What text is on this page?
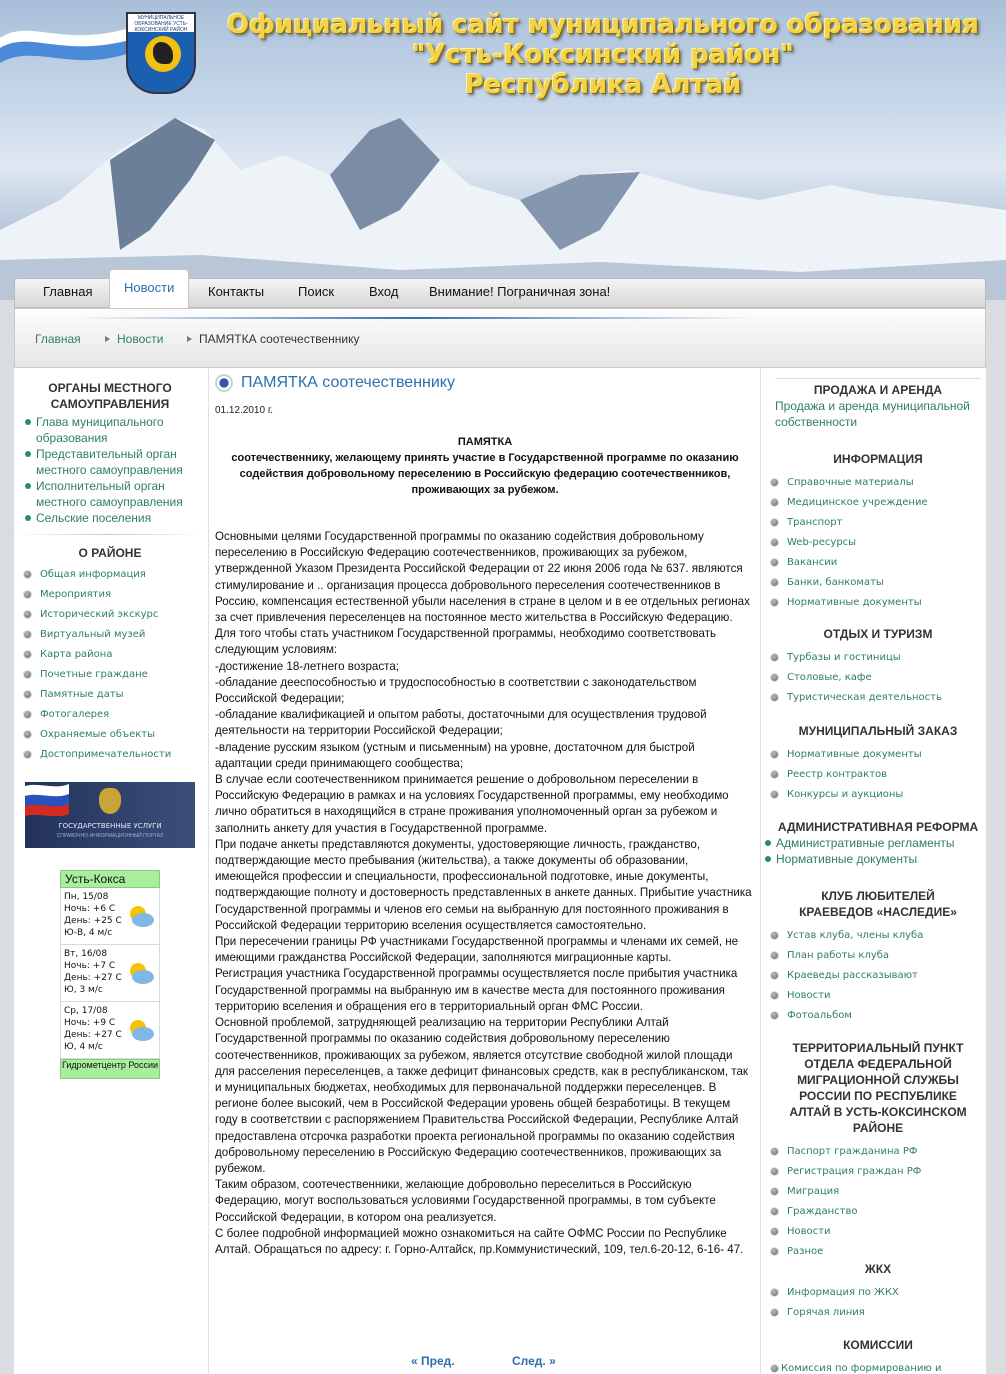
МУНИЦИПАЛЬНОЕ ОБРАЗОВАНИЕ УСТЬ-КОКСИНСКИЙ РАЙОН	Официальный сайт муниципального образования
"Усть-Коксинский район"
Республика Алтай
Главная	Новости	Контакты	Поиск	Вход Внимание! Пограничная зона!
Главная	Новости	ПАМЯТКА соотечественнику
ОРГАНЫ МЕСТНОГО САМОУПРАВЛЕНИЯ
Глава муниципального образования
Представительный орган местного самоуправления
Исполнительный орган местного самоуправления
Сельские поселения
О РАЙОНЕ
Общая информация
Мероприятия
Исторический экскурс
Виртуальный музей
Карта района
Почетные граждане
Памятные даты
Фотогалерея
Охраняемые объекты
Достопримечательности
ГОСУДАРСТВЕННЫЕ УСЛУГИ
СПРАВОЧНО-ИНФОРМАЦИОННЫЙ ПОРТАЛ
Усть-Кокса
Пн, 15/08
Ночь: +6 С
День: +25 С
Ю-В, 4 м/с
Вт, 16/08
Ночь: +7 С
День: +27 С
Ю, 3 м/с
Ср, 17/08
Ночь: +9 С
День: +27 С
Ю, 4 м/с
Гидрометцентр России
ПАМЯТКА соотечественнику
01.12.2010 г.
ПАМЯТКА
соотечественнику, желающему принять участие в Государственной программе по оказанию содействия добровольному переселению в Российскую федерацию соотечественников, проживающих за рубежом.
Основными целями Государственной программы по оказанию содействия добровольному переселению в Российскую Федерацию соотечественников, проживающих за рубежом, утвержденной Указом Президента Российской Федерации от 22 июня 2006 года № 637. являются стимулирование и .. организация процесса добровольного переселения соотечественников в Россию, компенсация естественной убыли населения в стране в целом и в ее отдельных регионах за счет привлечения переселенцев на постоянное место жительства в Российскую Федерацию.
Для того чтобы стать участником Государственной программы, необходимо соответствовать следующим условиям:
-достижение 18-летнего возраста;
-обладание дееспособностью и трудоспособностью в соответствии с законодательством Российской Федерации;
-обладание квалификацией и опытом работы, достаточными для осуществления трудовой деятельности на территории Российской Федерации;
-владение русским языком (устным и письменным) на уровне, достаточном для быстрой адаптации среди принимающего сообщества;
В случае если соотечественником принимается решение о добровольном переселении в Российскую Федерацию в рамках и на условиях Государственной программы, ему необходимо лично обратиться в находящийся в стране проживания уполномоченный орган за рубежом и заполнить анкету для участия в Государственной программе.
При подаче анкеты представляются документы, удостоверяющие личность, гражданство, подтверждающие место пребывания (жительства), а также документы об образовании, имеющейся профессии и специальности, профессиональной подготовке, иные документы, подтверждающие полноту и достоверность представленных в анкете данных. Прибытие участника Государственной программы и членов его семьи на выбранную для постоянного проживания в Российской Федерации территорию вселения осуществляется самостоятельно.
При пересечении границы РФ участниками Государственной программы и членами их семей, не имеющими гражданства Российской Федерации, заполняются миграционные карты.
Регистрация участника Государственной программы осуществляется после прибытия участника Государственной программы на выбранную им в качестве места для постоянного проживания территорию вселения и обращения его в территориальный орган ФМС России.
Основной проблемой, затрудняющей реализацию на территории Республики Алтай Государственной программы по оказанию содействия добровольному переселению соотечественников, проживающих за рубежом, является отсутствие свободной жилой площади для расселения переселенцев, а также дефицит финансовых средств, как в республиканском, так и муниципальных бюджетах, необходимых для первоначальной поддержки переселенцев. В регионе более высокий, чем в Российской Федерации уровень общей безработицы. В текущем году в соответствии с распоряжением Правительства Российской Федерации, Республике Алтай предоставлена отсрочка разработки проекта региональной программы по оказанию содействия добровольному переселению в Российскую Федерацию соотечественников, проживающих за рубежом.
Таким образом, соотечественники, желающие добровольно переселиться в Российскую Федерацию, могут воспользоваться условиями Государственной программы, в том субъекте Российской Федерации, в котором она реализуется.
С более подробной информацией можно ознакомиться на сайте ОФМС России по Республике Алтай. Обращаться по адресу: г. Горно-Алтайск, пр.Коммунистический, 109, тел.6-20-12, 6-16- 47.
« Пред.	След. »
ПРОДАЖА И АРЕНДА
Продажа и аренда муниципальной собственности
ИНФОРМАЦИЯ
Справочные материалы
Медицинское учреждение
Транспорт
Web-ресурсы
Вакансии
Банки, банкоматы
Нормативные документы
ОТДЫХ И ТУРИЗМ
Турбазы и гостиницы
Столовые, кафе
Туристическая деятельность
МУНИЦИПАЛЬНЫЙ ЗАКАЗ
Нормативные документы
Реестр контрактов
Конкурсы и аукционы
АДМИНИСТРАТИВНАЯ РЕФОРМА
Административные регламенты
Нормативные документы
КЛУБ ЛЮБИТЕЛЕЙ КРАЕВЕДОВ «НАСЛЕДИЕ»
Устав клуба, члены клуба
План работы клуба
Краеведы рассказывают
Новости
Фотоальбом
ТЕРРИТОРИАЛЬНЫЙ ПУНКТ ОТДЕЛА ФЕДЕРАЛЬНОЙ МИГРАЦИОННОЙ СЛУЖБЫ РОССИИ ПО РЕСПУБЛИКЕ АЛТАЙ В УСТЬ-КОКСИНСКОМ РАЙОНЕ
Паспорт гражданина РФ
Регистрация граждан РФ
Миграция
Гражданство
Новости
Разное
ЖКХ
Информация по ЖКХ
Горячая линия
КОМИССИИ
Комиссия по формированию и
